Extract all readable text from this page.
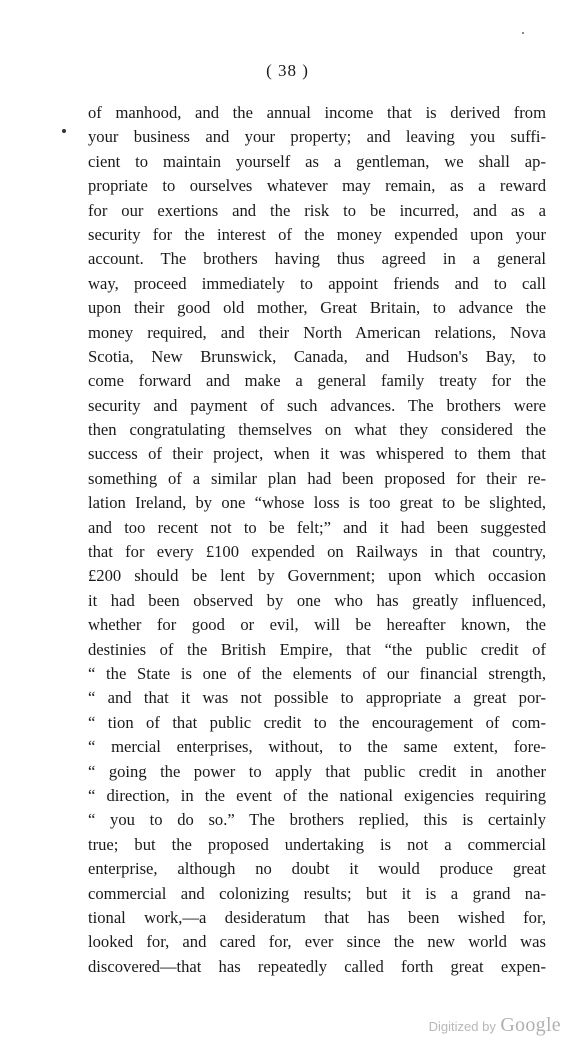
( 38 )
of manhood, and the annual income that is derived from
your business and your property; and leaving you suffi-
cient to maintain yourself as a gentleman, we shall ap-
propriate to ourselves whatever may remain, as a reward
for our exertions and the risk to be incurred, and as a
security for the interest of the money expended upon your
account. The brothers having thus agreed in a general
way, proceed immediately to appoint friends and to call
upon their good old mother, Great Britain, to advance the
money required, and their North American relations, Nova
Scotia, New Brunswick, Canada, and Hudson's Bay, to
come forward and make a general family treaty for the
security and payment of such advances. The brothers were
then congratulating themselves on what they considered the
success of their project, when it was whispered to them that
something of a similar plan had been proposed for their re-
lation Ireland, by one “whose loss is too great to be slighted,
and too recent not to be felt;” and it had been suggested
that for every £100 expended on Railways in that country,
£200 should be lent by Government; upon which occasion
it had been observed by one who has greatly influenced,
whether for good or evil, will be hereafter known, the
destinies of the British Empire, that “the public credit of
“ the State is one of the elements of our financial strength,
“ and that it was not possible to appropriate a great por-
“ tion of that public credit to the encouragement of com-
“ mercial enterprises, without, to the same extent, fore-
“ going the power to apply that public credit in another
“ direction, in the event of the national exigencies requiring
“ you to do so.” The brothers replied, this is certainly
true; but the proposed undertaking is not a commercial
enterprise, although no doubt it would produce great
commercial and colonizing results; but it is a grand na-
tional work,—a desideratum that has been wished for,
looked for, and cared for, ever since the new world was
discovered—that has repeatedly called forth great expen-
Digitized by Google
